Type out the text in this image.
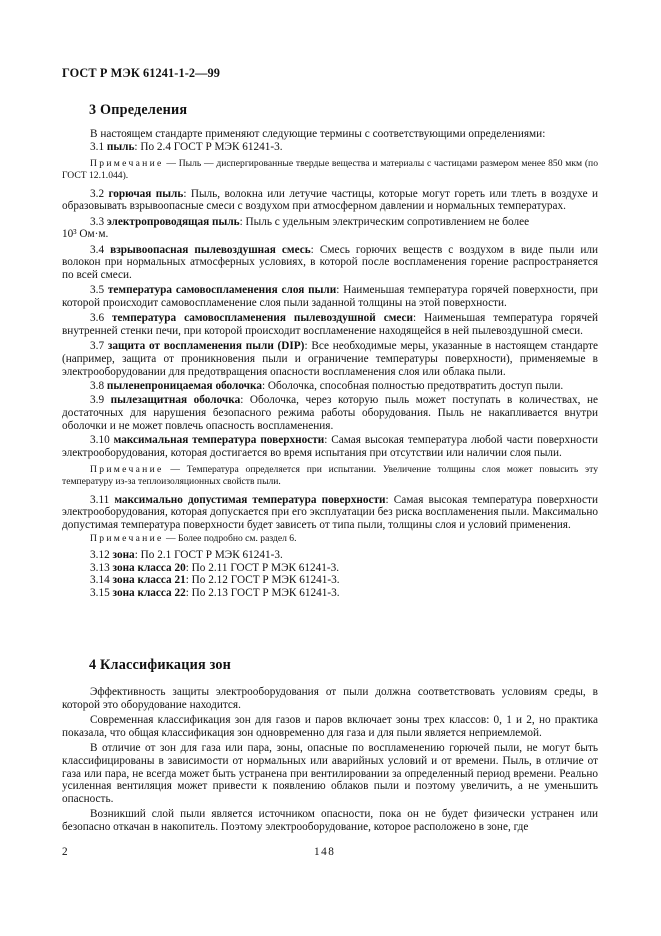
ГОСТ Р МЭК 61241-1-2—99
3 Определения

В настоящем стандарте применяют следующие термины с соответствующими определениями:

3.1 пыль: По 2.4 ГОСТ Р МЭК 61241-3.

Примечание — Пыль — диспергированные твердые вещества и материалы с частицами размером менее 850 мкм (по ГОСТ 12.1.044).

3.2 горючая пыль: Пыль, волокна или летучие частицы, которые могут гореть или тлеть в воздухе и образовывать взрывоопасные смеси с воздухом при атмосферном давлении и нормальных температурах.

3.3 электропроводящая пыль: Пыль с удельным электрическим сопротивлением не более

10³ Ом·м.

3.4 взрывоопасная пылевоздушная смесь: Смесь горючих веществ с воздухом в виде пыли или волокон при нормальных атмосферных условиях, в которой после воспламенения горение распространяется по всей смеси.

3.5 температура самовоспламенения слоя пыли: Наименьшая температура горячей поверхности, при которой происходит самовоспламенение слоя пыли заданной толщины на этой поверхности.

3.6 температура самовоспламенения пылевоздушной смеси: Наименьшая температура горячей внутренней стенки печи, при которой происходит воспламенение находящейся в ней пылевоздушной смеси.

3.7 защита от воспламенения пыли (DIP): Все необходимые меры, указанные в настоящем стандарте (например, защита от проникновения пыли и ограничение температуры поверхности), применяемые в электрооборудовании для предотвращения опасности воспламенения слоя или облака пыли.

3.8 пыленепроницаемая оболочка: Оболочка, способная полностью предотвратить доступ пыли.

3.9 пылезащитная оболочка: Оболочка, через которую пыль может поступать в количествах, не достаточных для нарушения безопасного режима работы оборудования. Пыль не накапливается внутри оболочки и не может повлечь опасность воспламенения.

3.10 максимальная температура поверхности: Самая высокая температура любой части поверхности электрооборудования, которая достигается во время испытания при отсутствии или наличии слоя пыли.

Примечание — Температура определяется при испытании. Увеличение толщины слоя может повысить эту температуру из-за теплоизоляционных свойств пыли.

3.11 максимально допустимая температура поверхности: Самая высокая температура поверхности электрооборудования, которая допускается при его эксплуатации без риска воспламенения пыли. Максимально допустимая температура поверхности будет зависеть от типа пыли, толщины слоя и условий применения.

Примечание — Более подробно см. раздел 6.

3.12 зона: По 2.1 ГОСТ Р МЭК 61241-3.

3.13 зона класса 20: По 2.11 ГОСТ Р МЭК 61241-3.

3.14 зона класса 21: По 2.12 ГОСТ Р МЭК 61241-3.

3.15 зона класса 22: По 2.13 ГОСТ Р МЭК 61241-3.

4 Классификация зон

Эффективность защиты электрооборудования от пыли должна соответствовать условиям среды, в которой это оборудование находится.

Современная классификация зон для газов и паров включает зоны трех классов: 0, 1 и 2, но практика показала, что общая классификация зон одновременно для газа и для пыли является неприемлемой.

В отличие от зон для газа или пара, зоны, опасные по воспламенению горючей пыли, не могут быть классифицированы в зависимости от нормальных или аварийных условий и от времени. Пыль, в отличие от газа или пара, не всегда может быть устранена при вентилировании за определенный период времени. Реально усиленная вентиляция может привести к появлению облаков пыли и поэтому увеличить, а не уменьшить опасность.

Возникший слой пыли является источником опасности, пока он не будет физически устранен или безопасно откачан в накопитель. Поэтому электрооборудование, которое расположено в зоне, где

2	148
